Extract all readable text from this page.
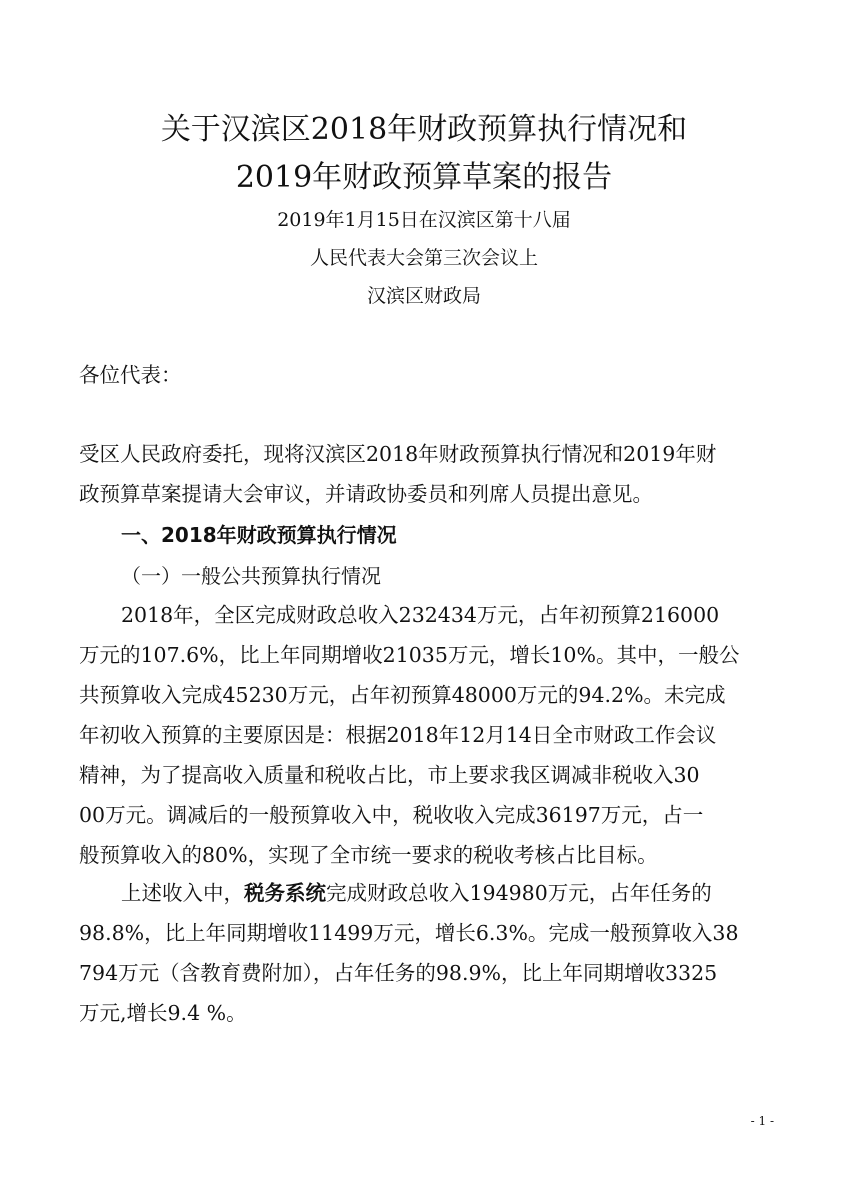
关于汉滨区2018年财政预算执行情况和
2019年财政预算草案的报告
2019年1月15日在汉滨区第十八届
人民代表大会第三次会议上
汉滨区财政局
各位代表：
受区人民政府委托，现将汉滨区2018年财政预算执行情况和2019年财
政预算草案提请大会审议，并请政协委员和列席人员提出意见。
一、2018年财政预算执行情况
（一）一般公共预算执行情况
2018年，全区完成财政总收入232434万元，占年初预算216000
万元的107.6%，比上年同期增收21035万元，增长10%。其中，一般公
共预算收入完成45230万元，占年初预算48000万元的94.2%。未完成
年初收入预算的主要原因是：根据2018年12月14日全市财政工作会议
精神，为了提高收入质量和税收占比，市上要求我区调减非税收入30
00万元。调减后的一般预算收入中，税收收入完成36197万元，占一
般预算收入的80%，实现了全市统一要求的税收考核占比目标。
上述收入中，税务系统完成财政总收入194980万元，占年任务的
98.8%，比上年同期增收11499万元，增长6.3%。完成一般预算收入38
794万元（含教育费附加），占年任务的98.9%，比上年同期增收3325
万元,增长9.4 %。
- 1 -
